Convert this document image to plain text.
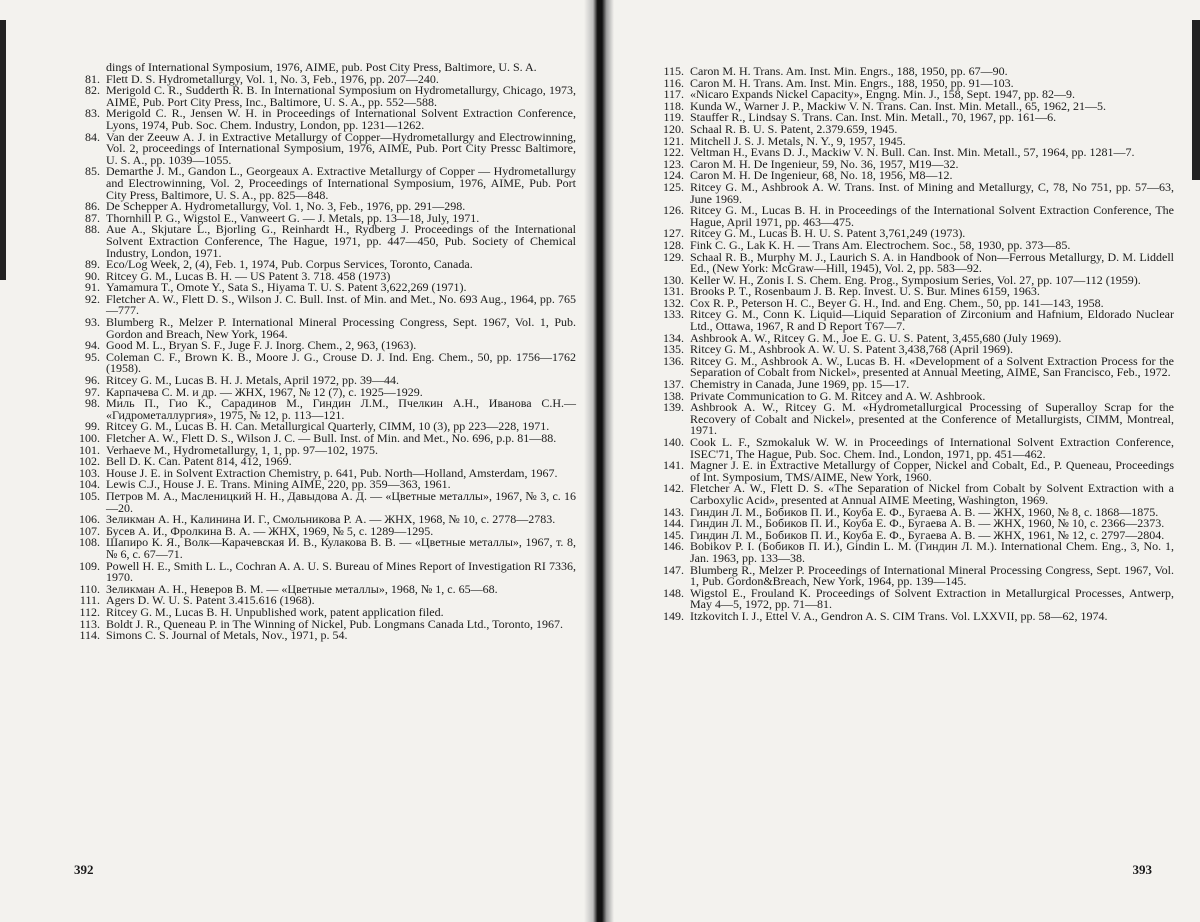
dings of International Symposium, 1976, AIME, pub. Post City Press, Baltimore, U. S. A.
81. Flett D. S. Hydrometallurgy, Vol. 1, No. 3, Feb., 1976, pp. 207—240.
82. Merigold C. R., Sudderth R. B. In International Symposium on Hydrometallurgy, Chicago, 1973, AIME, Pub. Port City Press, Inc., Baltimore, U. S. A., pp. 552—588.
83. Merigold C. R., Jensen W. H. in Proceedings of International Solvent Extraction Conference, Lyons, 1974, Pub. Soc. Chem. Industry, London, pp. 1231—1262.
84. Van der Zeeuw A. J. in Extractive Metallurgy of Copper—Hydrometallurgy and Electrowinning, Vol. 2, proceedings of International Symposium, 1976, AIME, Pub. Port City Pressc Baltimore, U. S. A., pp. 1039—1055.
85. Demarthe J. M., Gandon L., Georgeaux A. Extractive Metallurgy of Copper — Hydrometallurgy and Electrowinning, Vol. 2, Proceedings of International Symposium, 1976, AIME, Pub. Port City Press, Baltimore, U. S. A., pp. 825—848.
86. De Schepper A. Hydrometallurgy, Vol. 1, No. 3, Feb., 1976, pp. 291—298.
87. Thornhill P. G., Wigstol E., Vanweert G. — J. Metals, pp. 13—18, July, 1971.
88. Aue A., Skjutare L., Bjorling G., Reinhardt H., Rydberg J. Proceedings of the International Solvent Extraction Conference, The Hague, 1971, pp. 447—450, Pub. Society of Chemical Industry, London, 1971.
89. Eco/Log Week, 2, (4), Feb. 1, 1974, Pub. Corpus Services, Toronto, Canada.
90. Ritcey G. M., Lucas B. H. — US Patent 3. 718. 458 (1973)
91. Yamamura T., Omote Y., Sata S., Hiyama T. U. S. Patent 3,622,269 (1971).
92. Fletcher A. W., Flett D. S., Wilson J. C. Bull. Inst. of Min. and Met., No. 693 Aug., 1964, pp. 765—777.
93. Blumberg R., Melzer P. International Mineral Processing Congress, Sept. 1967, Vol. 1, Pub. Gordon and Breach, New York, 1964.
94. Good M. L., Bryan S. F., Juge F. J. Inorg. Chem., 2, 963, (1963).
95. Coleman C. F., Brown K. B., Moore J. G., Crouse D. J. Ind. Eng. Chem., 50, pp. 1756—1762 (1958).
96. Ritcey G. M., Lucas B. H. J. Metals, April 1972, pp. 39—44.
97. Карпачева С. М. и др. — ЖНХ, 1967, № 12 (7), с. 1925—1929.
98. Миль П., Гио К., Сарадинов М., Гиндин Л.М., Пчелкин А.Н., Иванова С.Н.— «Гидрометаллургия», 1975, № 12, р. 113—121.
99. Ritcey G. M., Lucas B. H. Can. Metallurgical Quarterly, CIMM, 10 (3), pp 223—228, 1971.
100. Fletcher A. W., Flett D. S., Wilson J. C. — Bull. Inst. of Min. and Met., No. 696, p.p. 81—88.
101. Verhaeve M., Hydrometallurgy, 1, 1, pp. 97—102, 1975.
102. Bell D. K. Can. Patent 814, 412, 1969.
103. House J. E. in Solvent Extraction Chemistry, p. 641, Pub. North—Holland, Amsterdam, 1967.
104. Lewis C.J., House J. E. Trans. Mining AIME, 220, pp. 359—363, 1961.
105. Петров М. А., Масленицкий Н. Н., Давыдова А. Д. — «Цветные металлы», 1967, № 3, с. 16—20.
106. Зеликман А. Н., Калинина И. Г., Смольникова Р. А. — ЖНХ, 1968, № 10, с. 2778—2783.
107. Бусев А. И., Фролкина В. А. — ЖНХ, 1969, № 5, с. 1289—1295.
108. Шапиро К. Я., Волк—Карачевская И. В., Кулакова В. В. — «Цветные металлы», 1967, т. 8, № 6, с. 67—71.
109. Powell H. E., Smith L. L., Cochran A. A. U. S. Bureau of Mines Report of Investigation RI 7336, 1970.
110. Зеликман А. Н., Неверов В. М. — «Цветные металлы», 1968, № 1, с. 65—68.
111. Agers D. W. U. S. Patent 3.415.616 (1968).
112. Ritcey G. M., Lucas B. H. Unpublished work, patent application filed.
113. Boldt J. R., Queneau P. in The Winning of Nickel, Pub. Longmans Canada Ltd., Toronto, 1967.
114. Simons C. S. Journal of Metals, Nov., 1971, p. 54.
392
115. Caron M. H. Trans. Am. Inst. Min. Engrs., 188, 1950, pp. 67—90.
116. Caron M. H. Trans. Am. Inst. Min. Engrs., 188, 1950, pp. 91—103.
117. «Nicaro Expands Nickel Capacity», Engng. Min. J., 158, Sept. 1947, pp. 82—9.
118. Kunda W., Warner J. P., Mackiw V. N. Trans. Can. Inst. Min. Metall., 65, 1962, 21—5.
119. Stauffer R., Lindsay S. Trans. Can. Inst. Min. Metall., 70, 1967, pp. 161—6.
120. Schaal R. B. U. S. Patent, 2.379.659, 1945.
121. Mitchell J. S. J. Metals, N. Y., 9, 1957, 1945.
122. Veltman H., Evans D. J., Mackiw V. N. Bull. Can. Inst. Min. Metall., 57, 1964, pp. 1281—7.
123. Caron M. H. De Ingenieur, 59, No. 36, 1957, M19—32.
124. Caron M. H. De Ingenieur, 68, No. 18, 1956, M8—12.
125. Ritcey G. M., Ashbrook A. W. Trans. Inst. of Mining and Metallurgy, C, 78, No 751, pp. 57—63, June 1969.
126. Ritcey G. M., Lucas B. H. in Proceedings of the International Solvent Extraction Conference, The Hague, April 1971, pp. 463—475.
127. Ritcey G. M., Lucas B. H. U. S. Patent 3,761,249 (1973).
128. Fink C. G., Lak K. H. — Trans Am. Electrochem. Soc., 58, 1930, pp. 373—85.
129. Schaal R. B., Murphy M. J., Laurich S. A. in Handbook of Non—Ferrous Metallurgy, D. M. Liddell Ed., (New York: McGraw—Hill, 1945), Vol. 2, pp. 583—92.
130. Keller W. H., Zonis I. S. Chem. Eng. Prog., Symposium Series, Vol. 27, pp. 107—112 (1959).
131. Brooks P. T., Rosenbaum J. B. Rep. Invest. U. S. Bur. Mines 6159, 1963.
132. Cox R. P., Peterson H. C., Beyer G. H., Ind. and Eng. Chem., 50, pp. 141—143, 1958.
133. Ritcey G. M., Conn K. Liquid—Liquid Separation of Zirconium and Hafnium, Eldorado Nuclear Ltd., Ottawa, 1967, R and D Report T67—7.
134. Ashbrook A. W., Ritcey G. M., Joe E. G. U. S. Patent, 3,455,680 (July 1969).
135. Ritcey G. M., Ashbrook A. W. U. S. Patent 3,438,768 (April 1969).
136. Ritcey G. M., Ashbrook A. W., Lucas B. H. «Development of a Solvent Extraction Process for the Separation of Cobalt from Nickel», presented at Annual Meeting, AIME, San Francisco, Feb., 1972.
137. Chemistry in Canada, June 1969, pp. 15—17.
138. Private Communication to G. M. Ritcey and A. W. Ashbrook.
139. Ashbrook A. W., Ritcey G. M. «Hydrometallurgical Processing of Superalloy Scrap for the Recovery of Cobalt and Nickel», presented at the Conference of Metallurgists, CIMM, Montreal, 1971.
140. Cook L. F., Szmokaluk W. W. in Proceedings of International Solvent Extraction Conference, ISEC'71, The Hague, Pub. Soc. Chem. Ind., London, 1971, pp. 451—462.
141. Magner J. E. in Extractive Metallurgy of Copper, Nickel and Cobalt, Ed., P. Queneau, Proceedings of Int. Symposium, TMS/AIME, New York, 1960.
142. Fletcher A. W., Flett D. S. «The Separation of Nickel from Cobalt by Solvent Extraction with a Carboxylic Acid», presented at Annual AIME Meeting, Washington, 1969.
143. Гиндин Л. М., Бобиков П. И., Коуба Е. Ф., Бугаева А. В. — ЖНХ, 1960, № 8, с. 1868—1875.
144. Гиндин Л. М., Бобиков П. И., Коуба Е. Ф., Бугаева А. В. — ЖНХ, 1960, № 10, с. 2366—2373.
145. Гиндин Л. М., Бобиков П. И., Коуба Е. Ф., Бугаева А. В. — ЖНХ, 1961, № 12, с. 2797—2804.
146. Bobikov P. I. (Бобиков П. И.), Gindin L. M. (Гиндин Л. М.). International Chem. Eng., 3, No. 1, Jan. 1963, pp. 133—38.
147. Blumberg R., Melzer P. Proceedings of International Mineral Processing Congress, Sept. 1967, Vol. 1, Pub. Gordon&Breach, New York, 1964, pp. 139—145.
148. Wigstol E., Frouland K. Proceedings of Solvent Extraction in Metallurgical Processes, Antwerp, May 4—5, 1972, pp. 71—81.
149. Itzkovitch I. J., Ettel V. A., Gendron A. S. CIM Trans. Vol. LXXVII, pp. 58—62, 1974.
393
